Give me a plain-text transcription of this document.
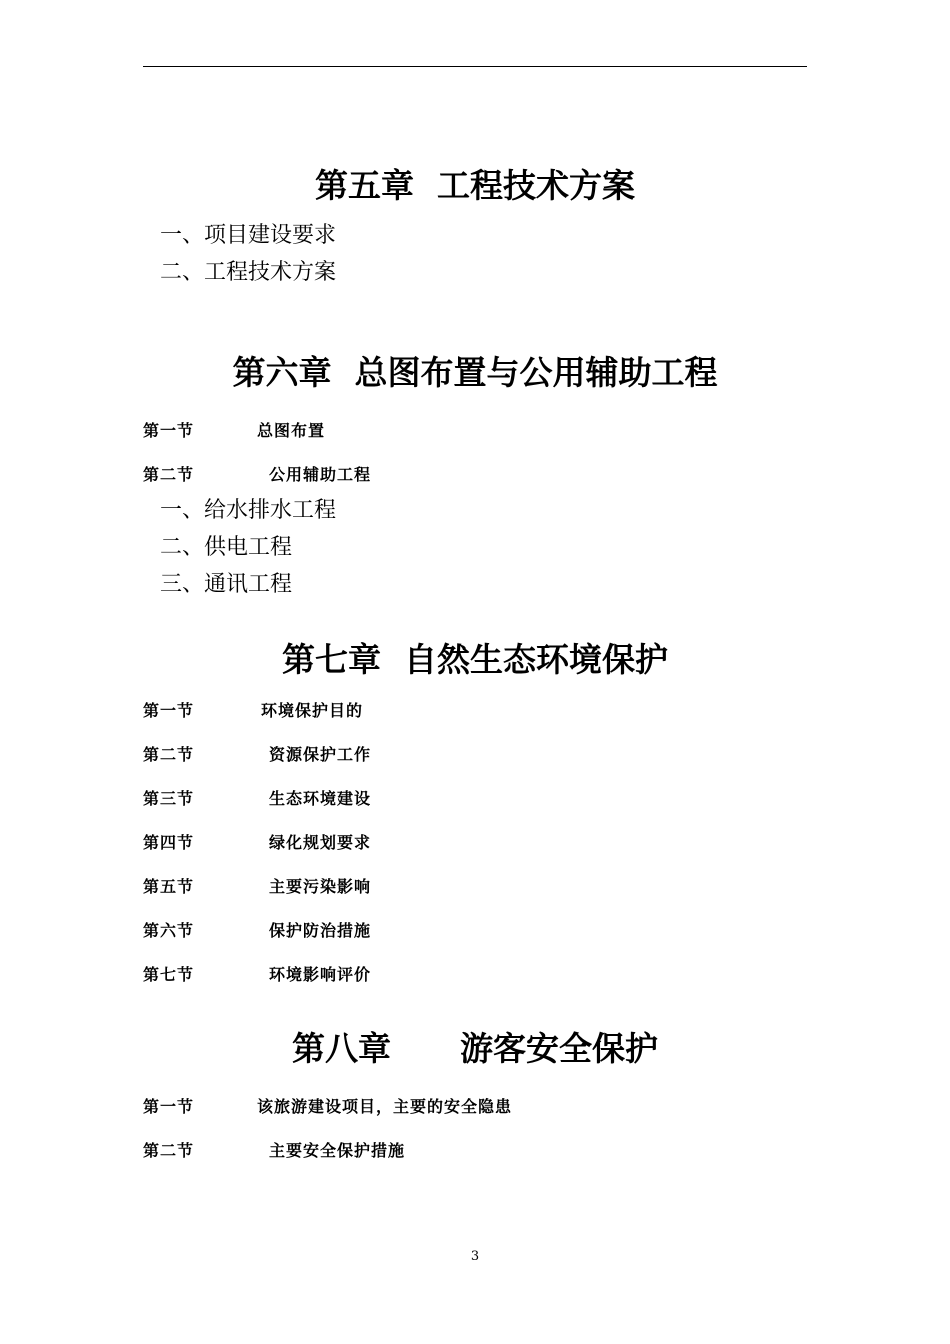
第五章  工程技术方案
一、项目建设要求
二、工程技术方案
第六章  总图布置与公用辅助工程
第一节	总图布置
第二节	公用辅助工程
一、给水排水工程
二、供电工程
三、通讯工程
第七章  自然生态环境保护
第一节	环境保护目的
第二节	资源保护工作
第三节	生态环境建设
第四节	绿化规划要求
第五节	主要污染影响
第六节	保护防治措施
第七节	环境影响评价
第八章      游客安全保护
第一节	该旅游建设项目，主要的安全隐患
第二节	主要安全保护措施
3
